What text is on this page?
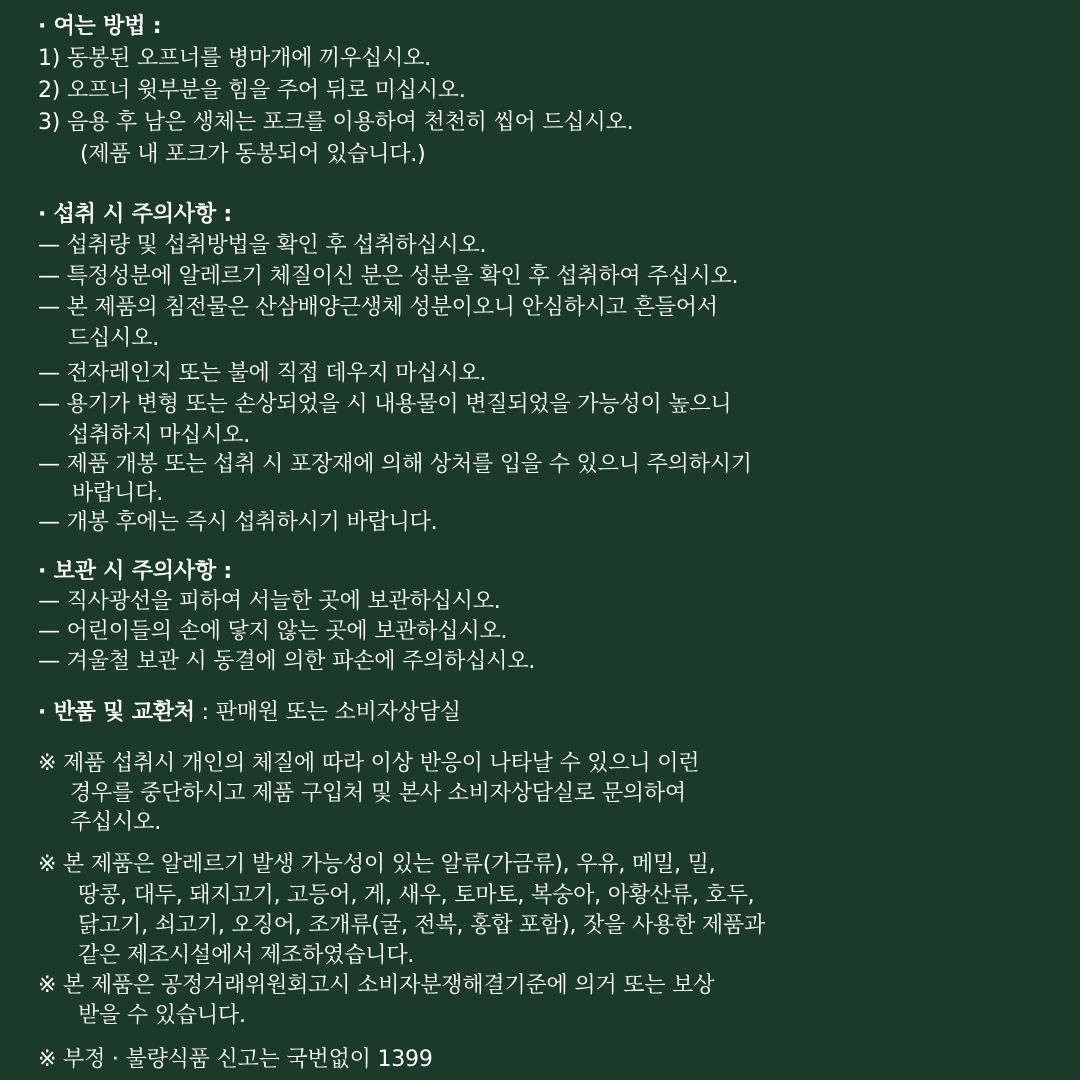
· 여는 방법 :
1) 동봉된 오프너를 병마개에 끼우십시오.
2) 오프너 윗부분을 힘을 주어 뒤로 미십시오.
3) 음용 후 남은 생체는 포크를 이용하여 천천히 씹어 드십시오.
(제품 내 포크가 동봉되어 있습니다.)
· 섭취 시 주의사항 :
— 섭취량 및 섭취방법을 확인 후 섭취하십시오.
— 특정성분에 알레르기 체질이신 분은 성분을 확인 후 섭취하여 주십시오.
— 본 제품의 침전물은 산삼배양근생체 성분이오니 안심하시고 흔들어서
드십시오.
— 전자레인지 또는 불에 직접 데우지 마십시오.
— 용기가 변형 또는 손상되었을 시 내용물이 변질되었을 가능성이 높으니
섭취하지 마십시오.
— 제품 개봉 또는 섭취 시 포장재에 의해 상처를 입을 수 있으니 주의하시기
바랍니다.
— 개봉 후에는 즉시 섭취하시기 바랍니다.
· 보관 시 주의사항 :
— 직사광선을 피하여 서늘한 곳에 보관하십시오.
— 어린이들의 손에 닿지 않는 곳에 보관하십시오.
— 겨울철 보관 시 동결에 의한 파손에 주의하십시오.
· 반품 및 교환처 : 판매원 또는 소비자상담실
※ 제품 섭취시 개인의 체질에 따라 이상 반응이 나타날 수 있으니 이런
경우를 중단하시고 제품 구입처 및 본사 소비자상담실로 문의하여
주십시오.
※ 본 제품은 알레르기 발생 가능성이 있는 알류(가금류), 우유, 메밀, 밀,
땅콩, 대두, 돼지고기, 고등어, 게, 새우, 토마토, 복숭아, 아황산류, 호두,
닭고기, 쇠고기, 오징어, 조개류(굴, 전복, 홍합 포함), 잣을 사용한 제품과
같은 제조시설에서 제조하였습니다.
※ 본 제품은 공정거래위원회고시 소비자분쟁해결기준에 의거 또는 보상
받을 수 있습니다.
※ 부정 · 불량식품 신고는 국번없이 1399
